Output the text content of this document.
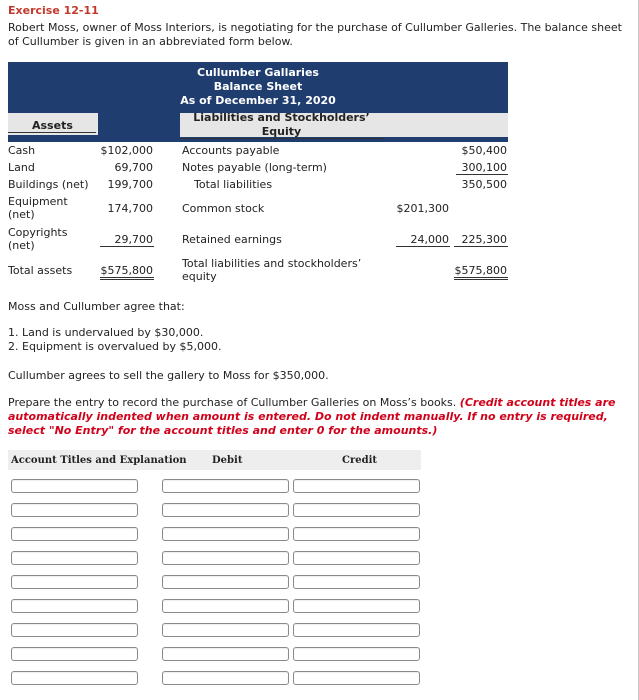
Exercise 12-11
Robert Moss, owner of Moss Interiors, is negotiating for the purchase of Cullumber Galleries. The balance sheet of Cullumber is given in an abbreviated form below.
Cullumber Gallaries
Balance Sheet
As of December 31, 2020
Assets
Liabilities and Stockholders’ Equity
Cash	$102,000
Land	69,700
Buildings (net)	199,700
Equipment (net)	174,700
Copyrights (net)	29,700
Total assets	$575,800
Accounts payable	$50,400
Notes payable (long-term)	300,100
Total liabilities	350,500
Common stock	$201,300
Retained earnings	24,000	225,300
Total liabilities and stockholders’ equity	$575,800
Moss and Cullumber agree that:
1. Land is undervalued by $30,000.
2. Equipment is overvalued by $5,000.
Cullumber agrees to sell the gallery to Moss for $350,000.
Prepare the entry to record the purchase of Cullumber Galleries on Moss’s books. (Credit account titles are automatically indented when amount is entered. Do not indent manually. If no entry is required, select "No Entry" for the account titles and enter 0 for the amounts.)
Account Titles and Explanation	Debit	Credit
